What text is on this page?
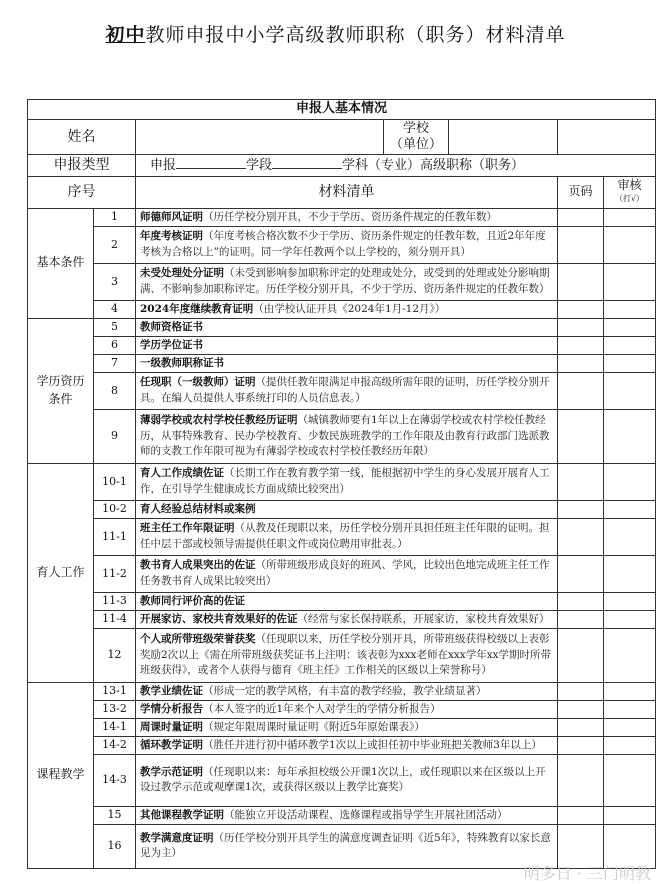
初中教师申报中小学高级教师职称（职务）材料清单
申报人基本情况				
姓名		学校
（单位）		

申报类型		申报 学段 学科（专业）高级职称（职务）		
序号		材料清单	页码	审核
（打√）

基本条件	1	师德师风证明（历任学校分别开具，不少于学历、资历条件规定的任教年数）		
	2	年度考核证明（年度考核合格次数不少于学历、资历条件规定的任教年数，且近2年年度考核为合格以上”的证明。同一学年任教两个以上学校的，须分别开具）		
	3	未受处理处分证明（未受到影响参加职称评定的处理或处分，或受到的处理或处分影响期满、不影响参加职称评定。历任学校分别开具，不少于学历、资历条件规定的任教年数）		
	4	2024年度继续教育证明（由学校认证开具《2024年1月-12月》）		
学历资历条件	5	教师资格证书		
	6	学历学位证书		
	7	一级教师职称证书		
	8	任现职（一级教师）证明（提供任教年限满足申报高级所需年限的证明，历任学校分别开具。在编人员提供人事系统打印的人员信息表。）		
	9	薄弱学校或农村学校任教经历证明（城镇教师要有1年以上在薄弱学校或农村学校任教经历，从事特殊教育、民办学校教育、少数民族班教学的工作年限及由教育行政部门选派教师的支教工作年限可视为有薄弱学校或农村学校任教经历年限）		
育人工作	10-1	育人工作成绩佐证（长期工作在教育教学第一线，能根据初中学生的身心发展开展育人工作，在引导学生健康成长方面成绩比较突出）		
	10-2	育人经验总结材料或案例		
	11-1	班主任工作年限证明（从教及任现职以来，历任学校分别开具担任班主任年限的证明。担任中层干部或校领导需提供任职文件或岗位聘用审批表。）		
	11-2	教书育人成果突出的佐证（所带班级形成良好的班风、学风，比较出色地完成班主任工作任务教书育人成果比较突出）		
	11-3	教师同行评价高的佐证		
	11-4	开展家访、家校共育效果好的佐证（经常与家长保持联系，开展家访，家校共育效果好）		
	12	个人或所带班级荣誉获奖（任现职以来，历任学校分别开具，所带班级获得校级以上表彰奖励2次以上《需在所带班级获奖证书上注明：该表彰为xxx老师在xxx学年xx学期时所带班级获得》，或者个人获得与德育《班主任》工作相关的区级以上荣誉称号）		
课程教学	13-1	教学业绩佐证（形成一定的教学风格，有丰富的教学经验，教学业绩显著）		
	13-2	学情分析报告（本人签字的近1年来个人对学生的学情分析报告）		
	14-1	周课时量证明（规定年限周课时量证明《附近5年原始课表》）		
	14-2	循环教学证明（胜任并进行初中循环教学1次以上或担任初中毕业班把关教师3年以上）		
	14-3	教学示范证明（任现职以来：每年承担校级公开课1次以上，或任现职以来在区级以上开设过教学示范或观摩课1次，或获得区级以上教学比赛奖）		
	15	其他课程教学证明（能独立开设活动课程、选修课程或指导学生开展社团活动）		
	16	教学满意度证明（历任学校分别开具学生的满意度调查证明《近5年》，特殊教育以家长意见为主）		
明多日 · 三门明教
